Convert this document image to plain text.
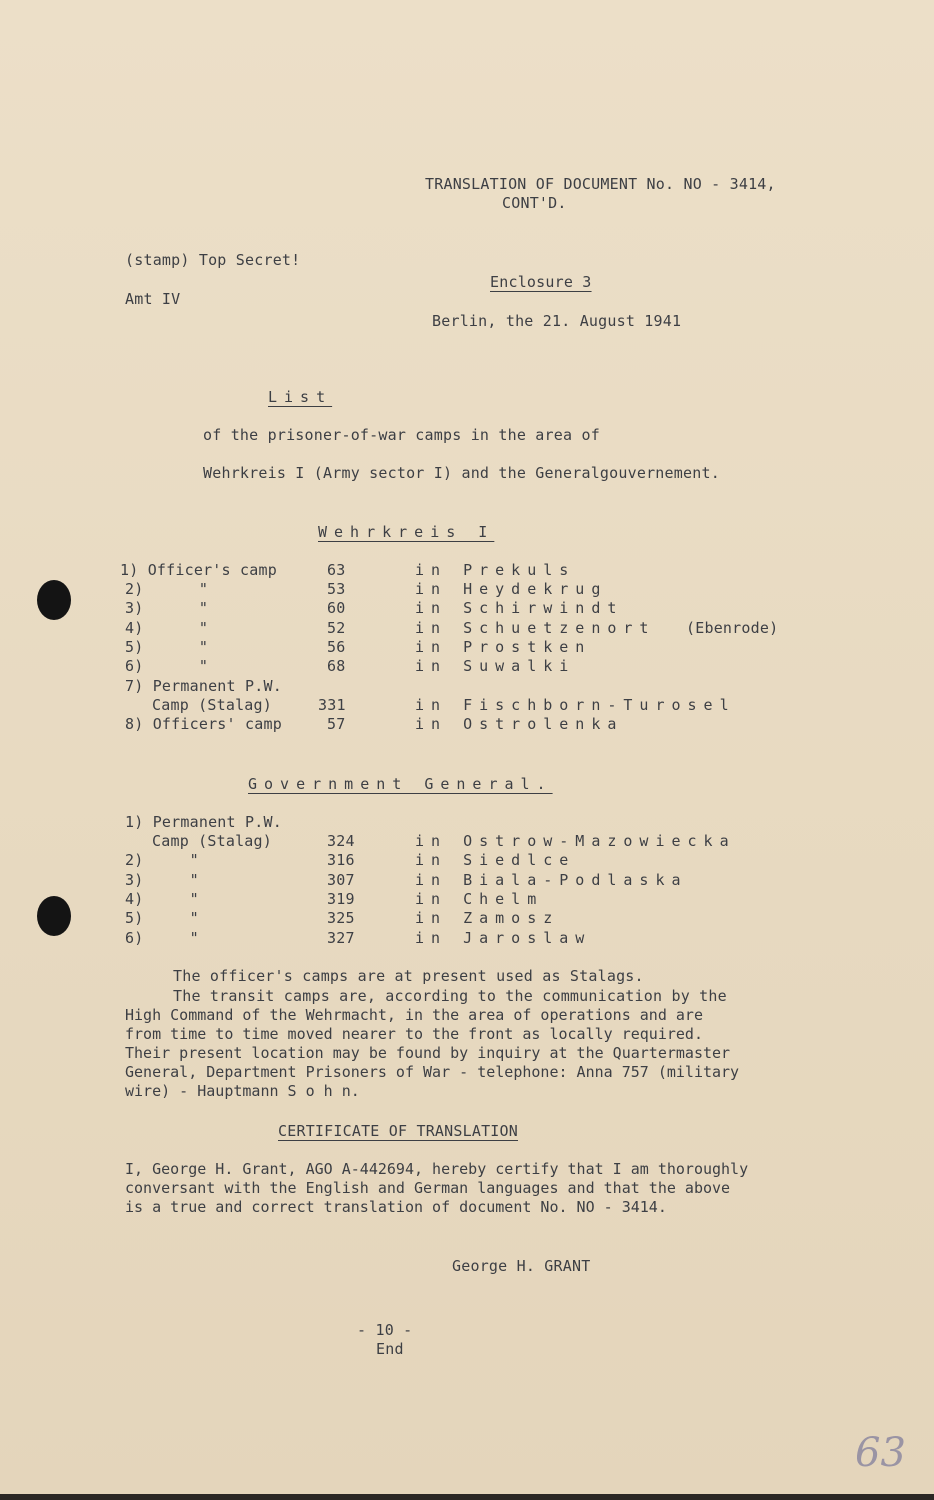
TRANSLATION OF DOCUMENT No. NO - 3414,
CONT'D.
(stamp) Top Secret!
Enclosure 3
Amt IV
Berlin, the 21. August 1941
List
of the prisoner-of-war camps in the area of
Wehrkreis I (Army sector I) and the Generalgouvernement.
Wehrkreis I
1) Officer's camp	63	in Prekuls
2)      "	53	in Heydekrug
3)      "	60	in Schirwindt
4)      "	52	in Schuetzenort (Ebenrode)
5)      "	56	in Prostken
6)      "	68	in Suwalki
7) Permanent P.W.
Camp (Stalag)	331	in Fischborn-Turosel
8) Officers' camp	57	in Ostrolenka
Government General.
1) Permanent P.W.
Camp (Stalag)	324	in Ostrow-Mazowiecka
2)     "	316	in Siedlce
3)     "	307	in Biala-Podlaska
4)     "	319	in Chelm
5)     "	325	in Zamosz
6)     "	327	in Jaroslaw
The officer's camps are at present used as Stalags.
The transit camps are, according to the communication by the
High Command of the Wehrmacht, in the area of operations and are
from time to time moved nearer to the front as locally required.
Their present location may be found by inquiry at the Quartermaster
General, Department Prisoners of War - telephone: Anna 757 (military
wire) - Hauptmann S o h n.
CERTIFICATE OF TRANSLATION
I, George H. Grant, AGO A-442694, hereby certify that I am thoroughly
conversant with the English and German languages and that the above
is a true and correct translation of document No. NO - 3414.
George H. GRANT
- 10 -
End
63
